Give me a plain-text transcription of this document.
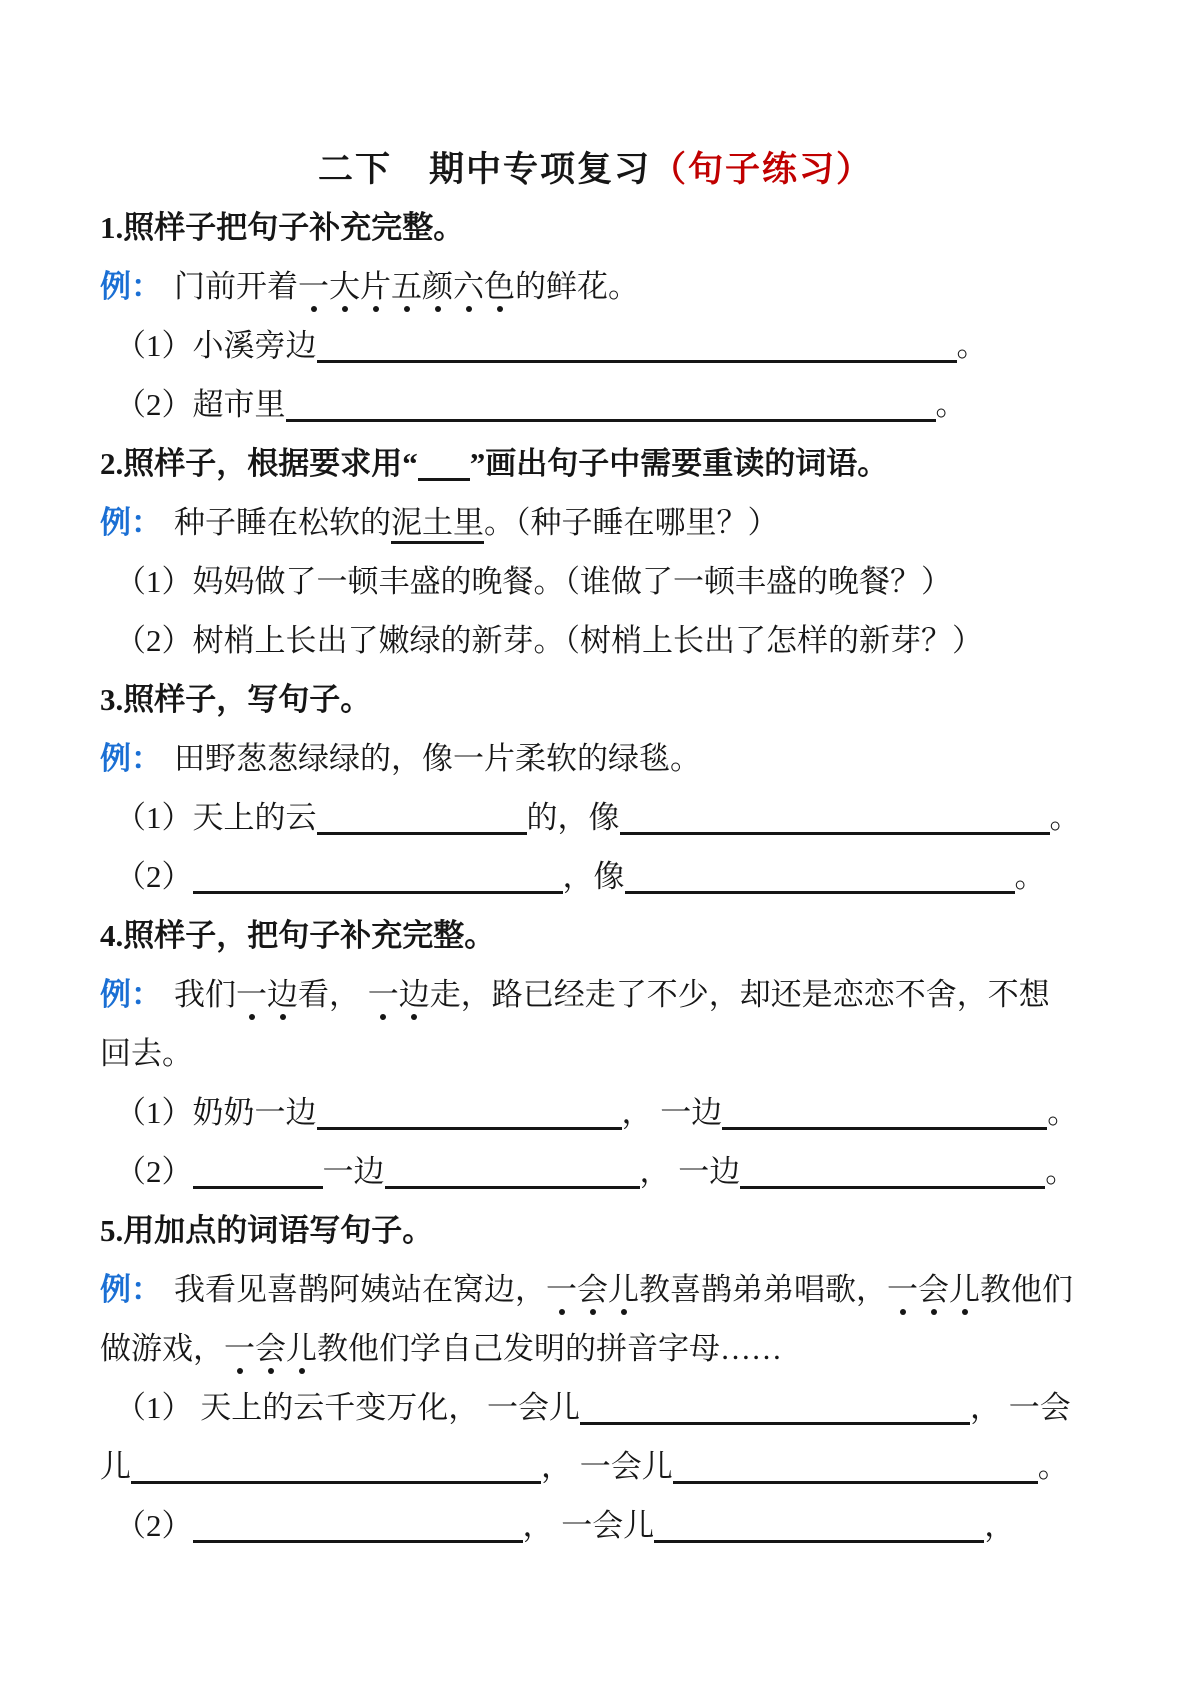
二下　期中专项复习（句子练习）
1.照样子把句子补充完整。
例： 门前开着一大片五颜六色的鲜花。
（1）小溪旁边	。
（2）超市里	。
2.照样子，根据要求用“ ”画出句子中需要重读的词语。
例： 种子睡在松软的泥土里。（种子睡在哪里？）
（1）妈妈做了一顿丰盛的晚餐。（谁做了一顿丰盛的晚餐？）
（2）树梢上长出了嫩绿的新芽。（树梢上长出了怎样的新芽？）
3.照样子，写句子。
例： 田野葱葱绿绿的，像一片柔软的绿毯。
（1）天上的云	的，像	。
（2）	，像	。
4.照样子，把句子补充完整。
例： 我们一边看， 一边走，路已经走了不少，却还是恋恋不舍，不想
回去。
（1）奶奶一边	， 一边	。
（2）	一边	， 一边	。
5.用加点的词语写句子。
例： 我看见喜鹊阿姨站在窝边，一会儿教喜鹊弟弟唱歌，一会儿教他们
做游戏，一会儿教他们学自己发明的拼音字母……
（1） 天上的云千变万化， 一会儿	， 一会
儿	， 一会儿	。
（2）	， 一会儿	，
